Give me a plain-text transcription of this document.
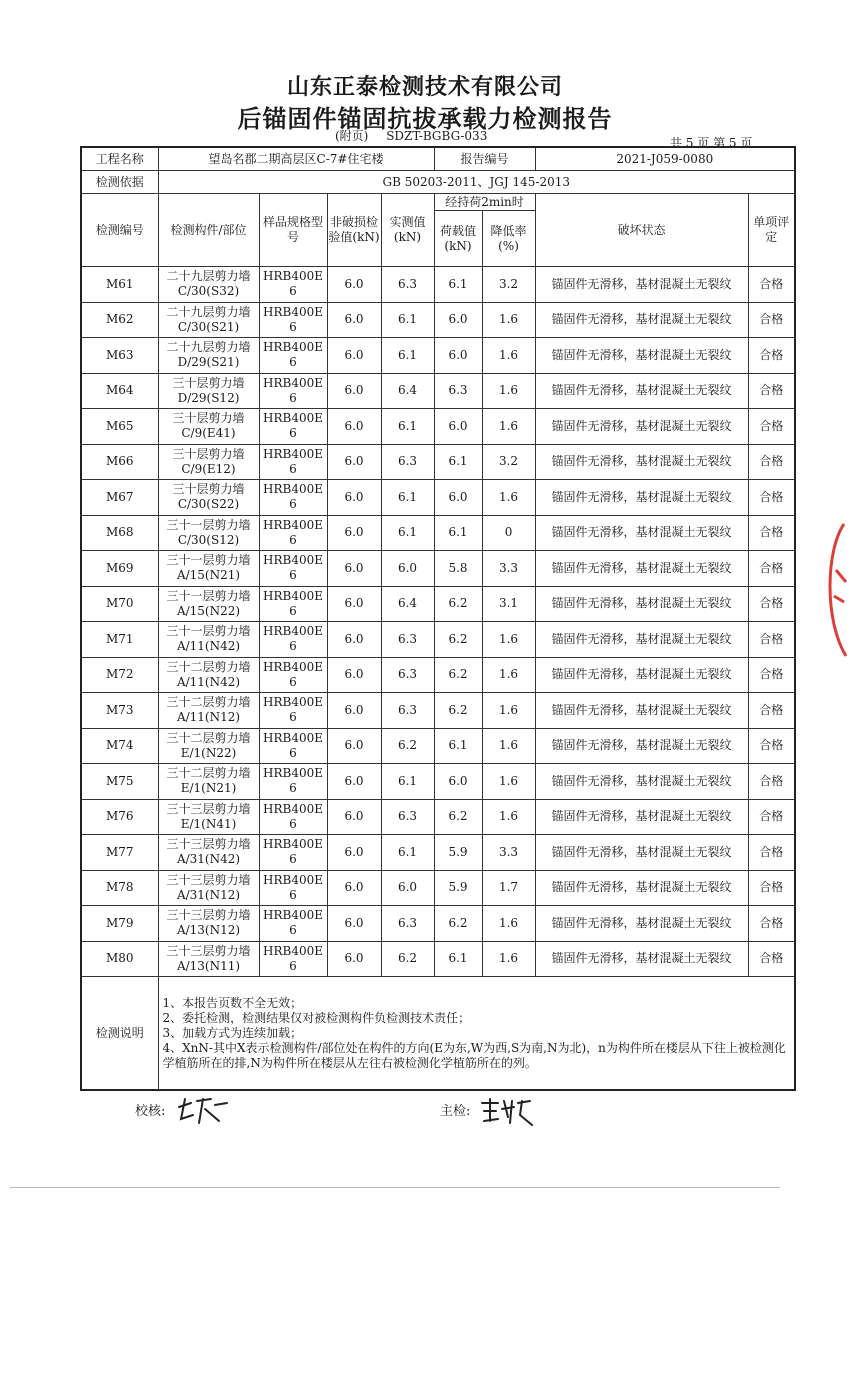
山东正泰检测技术有限公司
后锚固件锚固抗拔承载力检测报告
(附页) SDZT-BGBG-033	共 5 页 第 5 页
工程名称	望岛名郡二期高层区C-7#住宅楼				报告编号		2021-J059-0080	
检测依据	GB 50203-2011、JGJ 145-2013							
检测编号	检测构件/部位	样品规格型号	非破损检验值(kN)	实测值(kN)	经持荷2min时		破坏状态	单项评定
					荷载值(kN)	降低率(%)		
M61	二十九层剪力墙
C/30(S32)	HRB400E 6	6.0	6.3	6.1	3.2	锚固件无滑移，基材混凝土无裂纹	合格
M62	二十九层剪力墙
C/30(S21)	HRB400E 6	6.0	6.1	6.0	1.6	锚固件无滑移，基材混凝土无裂纹	合格
M63	二十九层剪力墙
D/29(S21)	HRB400E 6	6.0	6.1	6.0	1.6	锚固件无滑移，基材混凝土无裂纹	合格
M64	三十层剪力墙
D/29(S12)	HRB400E 6	6.0	6.4	6.3	1.6	锚固件无滑移，基材混凝土无裂纹	合格
M65	三十层剪力墙
C/9(E41)	HRB400E 6	6.0	6.1	6.0	1.6	锚固件无滑移，基材混凝土无裂纹	合格
M66	三十层剪力墙
C/9(E12)	HRB400E 6	6.0	6.3	6.1	3.2	锚固件无滑移，基材混凝土无裂纹	合格
M67	三十层剪力墙
C/30(S22)	HRB400E 6	6.0	6.1	6.0	1.6	锚固件无滑移，基材混凝土无裂纹	合格
M68	三十一层剪力墙
C/30(S12)	HRB400E 6	6.0	6.1	6.1	0	锚固件无滑移，基材混凝土无裂纹	合格
M69	三十一层剪力墙
A/15(N21)	HRB400E 6	6.0	6.0	5.8	3.3	锚固件无滑移，基材混凝土无裂纹	合格
M70	三十一层剪力墙
A/15(N22)	HRB400E 6	6.0	6.4	6.2	3.1	锚固件无滑移，基材混凝土无裂纹	合格
M71	三十一层剪力墙
A/11(N42)	HRB400E 6	6.0	6.3	6.2	1.6	锚固件无滑移，基材混凝土无裂纹	合格
M72	三十二层剪力墙
A/11(N42)	HRB400E 6	6.0	6.3	6.2	1.6	锚固件无滑移，基材混凝土无裂纹	合格
M73	三十二层剪力墙
A/11(N12)	HRB400E 6	6.0	6.3	6.2	1.6	锚固件无滑移，基材混凝土无裂纹	合格
M74	三十二层剪力墙
E/1(N22)	HRB400E 6	6.0	6.2	6.1	1.6	锚固件无滑移，基材混凝土无裂纹	合格
M75	三十二层剪力墙
E/1(N21)	HRB400E 6	6.0	6.1	6.0	1.6	锚固件无滑移，基材混凝土无裂纹	合格
M76	三十三层剪力墙
E/1(N41)	HRB400E 6	6.0	6.3	6.2	1.6	锚固件无滑移，基材混凝土无裂纹	合格
M77	三十三层剪力墙
A/31(N42)	HRB400E 6	6.0	6.1	5.9	3.3	锚固件无滑移，基材混凝土无裂纹	合格
M78	三十三层剪力墙
A/31(N12)	HRB400E 6	6.0	6.0	5.9	1.7	锚固件无滑移，基材混凝土无裂纹	合格
M79	三十三层剪力墙
A/13(N12)	HRB400E 6	6.0	6.3	6.2	1.6	锚固件无滑移，基材混凝土无裂纹	合格
M80	三十三层剪力墙
A/13(N11)	HRB400E 6	6.0	6.2	6.1	1.6	锚固件无滑移，基材混凝土无裂纹	合格
检测说明	1、本报告页数不全无效；
2、委托检测，检测结果仅对被检测构件负检测技术责任；
3、加载方式为连续加载；
4、XnN-其中X表示检测构件/部位处在构件的方向(E为东,W为西,S为南,N为北)，n为构件所在楼层从下往上被检测化学植筋所在的排,N为构件所在楼层从左往右被检测化学植筋所在的列。							
校核:	主检:
